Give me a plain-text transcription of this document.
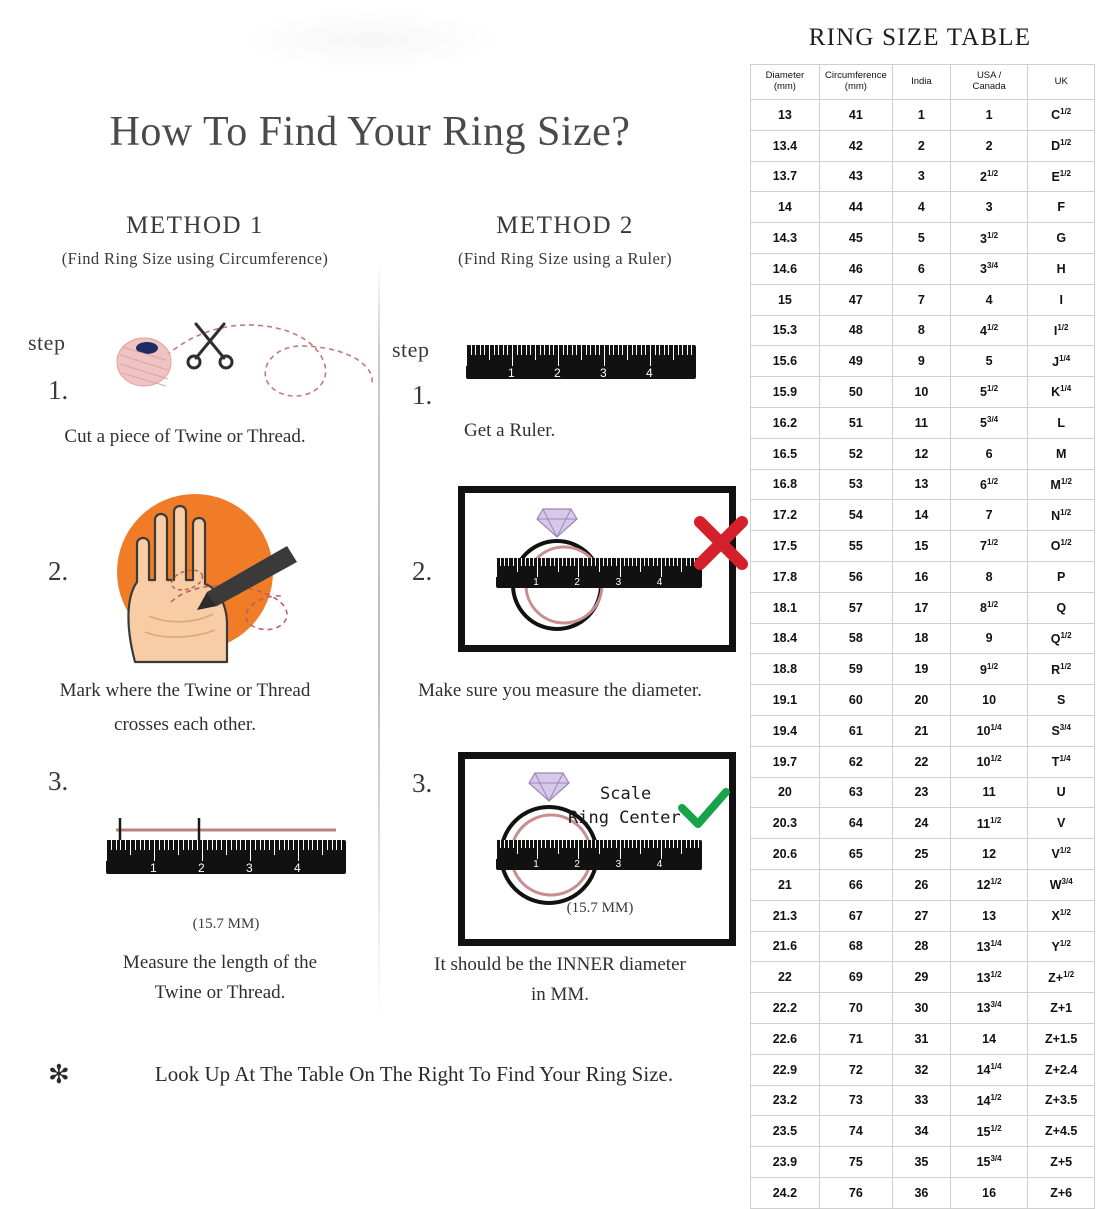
How To Find Your Ring Size?
METHOD 1
(Find Ring Size using Circumference)
METHOD 2
(Find Ring Size using a Ruler)
step
1.
Cut a piece of Twine or Thread.
2.
Mark where the Twine or Thread
crosses each other.
3.
1	2	3	4
(15.7 MM)
Measure the length of the
Twine or Thread.
step
1.
1	2	3	4
Get a Ruler.
2.	1	2	3	4
Make sure you measure the diameter.
3.
1	2	3	4
Scale
Ring Center
(15.7 MM)
It should be the INNER diameter
in MM.
✻	Look Up At The Table On The Right To Find Your Ring Size.
RING SIZE TABLE
Diameter
(mm)	Circumference
(mm)	India	USA /
Canada	UK
13	41	1	1	$C^{1/2}$
13.4	42	2	2	$D^{1/2}$
13.7	43	3	$2^{1/2}$	$E^{1/2}$
14	44	4	3	F
14.3	45	5	$3^{1/2}$	G
14.6	46	6	$3^{3/4}$	H
15	47	7	4	I
15.3	48	8	$4^{1/2}$	$I^{1/2}$
15.6	49	9	5	$J^{1/4}$
15.9	50	10	$5^{1/2}$	$K^{1/4}$
16.2	51	11	$5^{3/4}$	L
16.5	52	12	6	M
16.8	53	13	$6^{1/2}$	$M^{1/2}$
17.2	54	14	7	$N^{1/2}$
17.5	55	15	$7^{1/2}$	$O^{1/2}$
17.8	56	16	8	P
18.1	57	17	$8^{1/2}$	Q
18.4	58	18	9	$Q^{1/2}$
18.8	59	19	$9^{1/2}$	$R^{1/2}$
19.1	60	20	10	S
19.4	61	21	$10^{1/4}$	$S^{3/4}$
19.7	62	22	$10^{1/2}$	$T^{1/4}$
20	63	23	11	U
20.3	64	24	$11^{1/2}$	V
20.6	65	25	12	$V^{1/2}$
21	66	26	$12^{1/2}$	$W^{3/4}$
21.3	67	27	13	$X^{1/2}$
21.6	68	28	$13^{1/4}$	$Y^{1/2}$
22	69	29	$13^{1/2}$	Z+$^{1/2}$
22.2	70	30	$13^{3/4}$	Z+1
22.6	71	31	14	Z+1.5
22.9	72	32	$14^{1/4}$	Z+2.4
23.2	73	33	$14^{1/2}$	Z+3.5
23.5	74	34	$15^{1/2}$	Z+4.5
23.9	75	35	$15^{3/4}$	Z+5
24.2	76	36	16	Z+6
